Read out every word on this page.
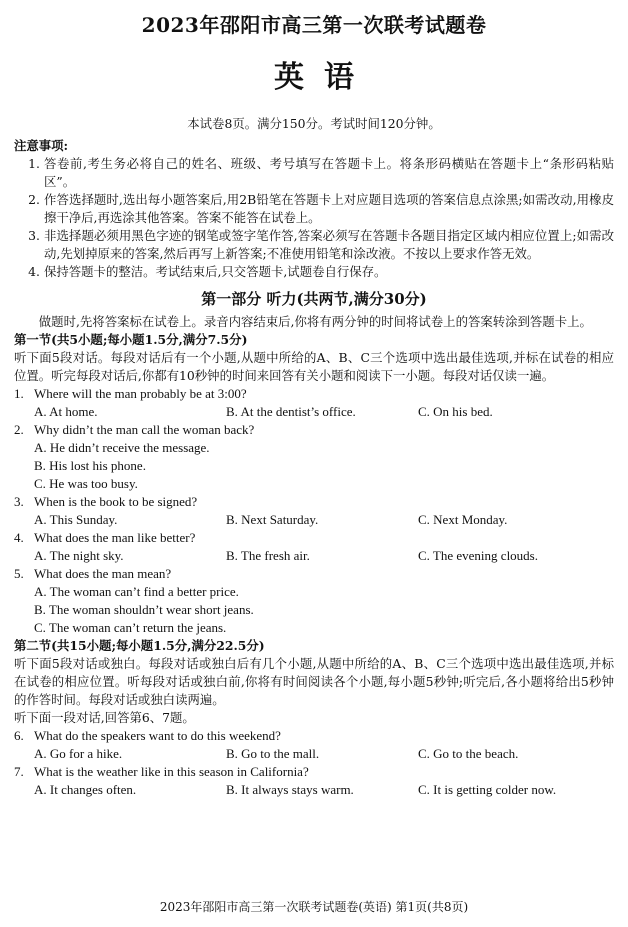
2023年邵阳市高三第一次联考试题卷
英语
本试卷8页。满分150分。考试时间120分钟。
注意事项:
1. 答卷前,考生务必将自己的姓名、班级、考号填写在答题卡上。将条形码横贴在答题卡上“条形码粘贴区”。
2. 作答选择题时,选出每小题答案后,用2B铅笔在答题卡上对应题目选项的答案信息点涂黑;如需改动,用橡皮擦干净后,再选涂其他答案。答案不能答在试卷上。
3. 非选择题必须用黑色字迹的钢笔或签字笔作答,答案必须写在答题卡各题目指定区域内相应位置上;如需改动,先划掉原来的答案,然后再写上新答案;不准使用铅笔和涂改液。不按以上要求作答无效。
4. 保持答题卡的整洁。考试结束后,只交答题卡,试题卷自行保存。
第一部分 听力(共两节,满分30分)
做题时,先将答案标在试卷上。录音内容结束后,你将有两分钟的时间将试卷上的答案转涂到答题卡上。
第一节(共5小题;每小题1.5分,满分7.5分)
听下面5段对话。每段对话后有一个小题,从题中所给的A、B、C三个选项中选出最佳选项,并标在试卷的相应位置。听完每段对话后,你都有10秒钟的时间来回答有关小题和阅读下一小题。每段对话仅读一遍。
1. Where will the man probably be at 3:00?
A. At home.	B. At the dentist’s office.	C. On his bed.
2. Why didn’t the man call the woman back?
A. He didn’t receive the message.
B. His lost his phone.
C. He was too busy.
3. When is the book to be signed?
A. This Sunday.	B. Next Saturday.	C. Next Monday.
4. What does the man like better?
A. The night sky.	B. The fresh air.	C. The evening clouds.
5. What does the man mean?
A. The woman can’t find a better price.
B. The woman shouldn’t wear short jeans.
C. The woman can’t return the jeans.
第二节(共15小题;每小题1.5分,满分22.5分)
听下面5段对话或独白。每段对话或独白后有几个小题,从题中所给的A、B、C三个选项中选出最佳选项,并标在试卷的相应位置。听每段对话或独白前,你将有时间阅读各个小题,每小题5秒钟;听完后,各小题将给出5秒钟的作答时间。每段对话或独白读两遍。
听下面一段对话,回答第6、7题。
6. What do the speakers want to do this weekend?
A. Go for a hike.	B. Go to the mall.	C. Go to the beach.
7. What is the weather like in this season in California?
A. It changes often.	B. It always stays warm.	C. It is getting colder now.
2023年邵阳市高三第一次联考试题卷(英语) 第1页(共8页)
